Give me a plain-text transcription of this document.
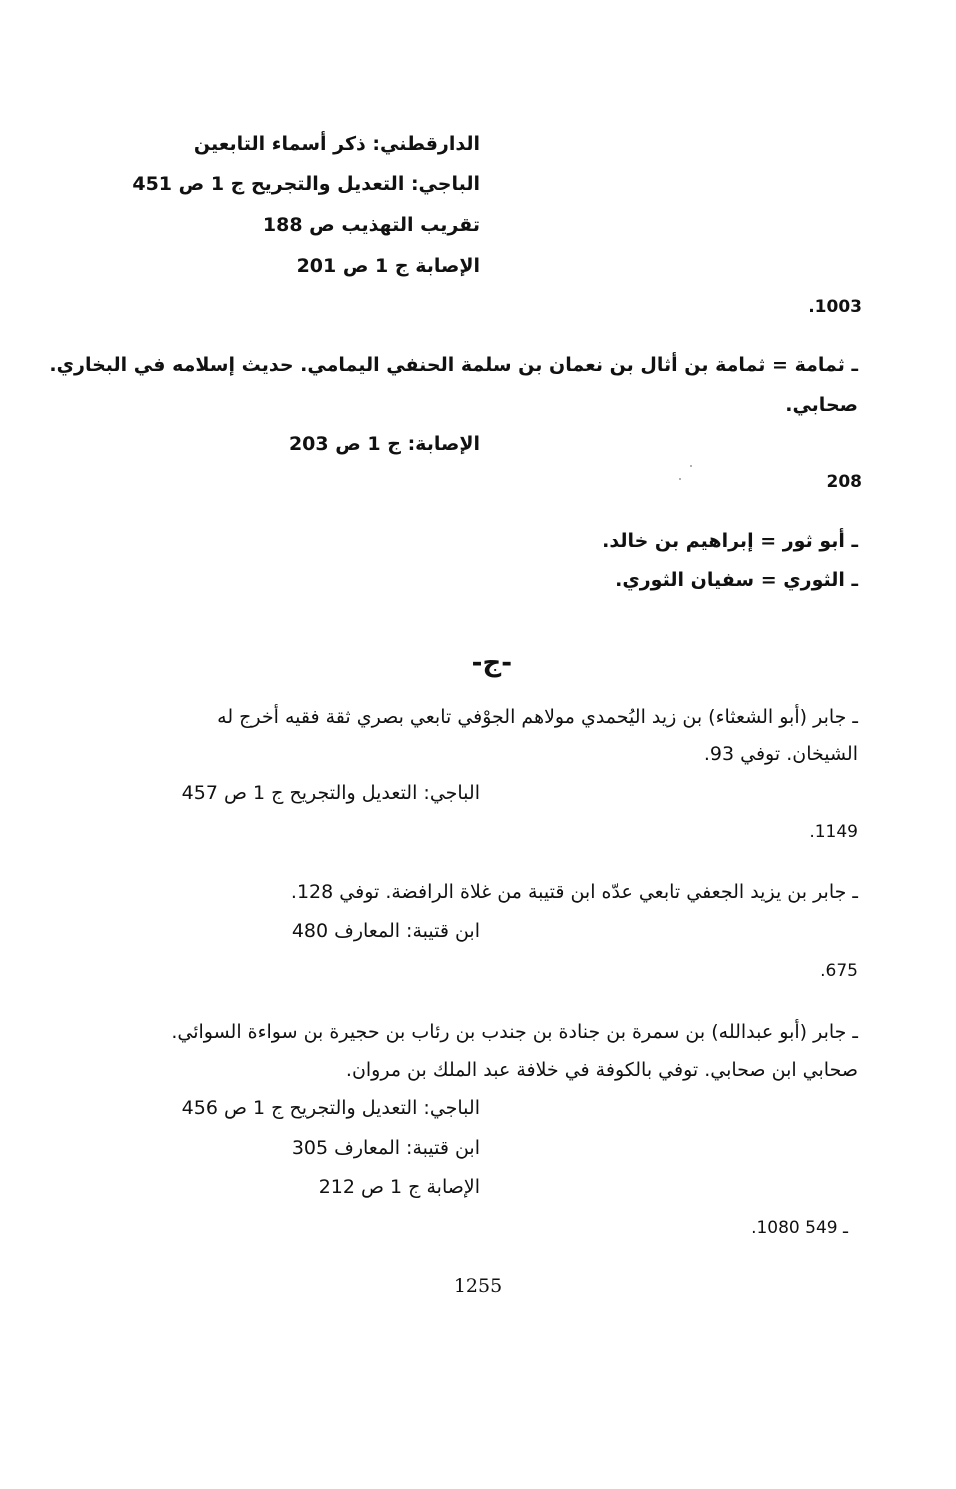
الدارقطني: ذكر أسماء التابعين
الباجي: التعديل والتجريح ج 1 ص 451
تقريب التهذيب ص 188
الإصابة ج 1 ص 201
.1003
ـ ثمامة = ثمامة بن أثال بن نعمان بن سلمة الحنفي اليمامي. حديث إسلامه في البخاري.
صحابي.
الإصابة: ج 1 ص 203
208
ـ أبو ثور = إبراهيم بن خالد.
ـ الثوري = سفيان الثوري.
-ج-
ـ جابر (أبو الشعثاء) بن زيد اليُحمدي مولاهم الجوْفي تابعي بصري ثقة فقيه أخرج له
الشيخان. توفي 93.
الباجي: التعديل والتجريح ج 1 ص 457
.1149
ـ جابر بن يزيد الجعفي تابعي عدّه ابن قتيبة من غلاة الرافضة. توفي 128.
ابن قتيبة: المعارف 480
.675
ـ جابر (أبو عبدالله) بن سمرة بن جنادة بن جندب بن رئاب بن حجيرة بن سواءة السوائي.
صحابي ابن صحابي. توفي بالكوفة في خلافة عبد الملك بن مروان.
الباجي: التعديل والتجريح ج 1 ص 456
ابن قتيبة: المعارف 305
الإصابة ج 1 ص 212
.1080 ـ 549
1255
